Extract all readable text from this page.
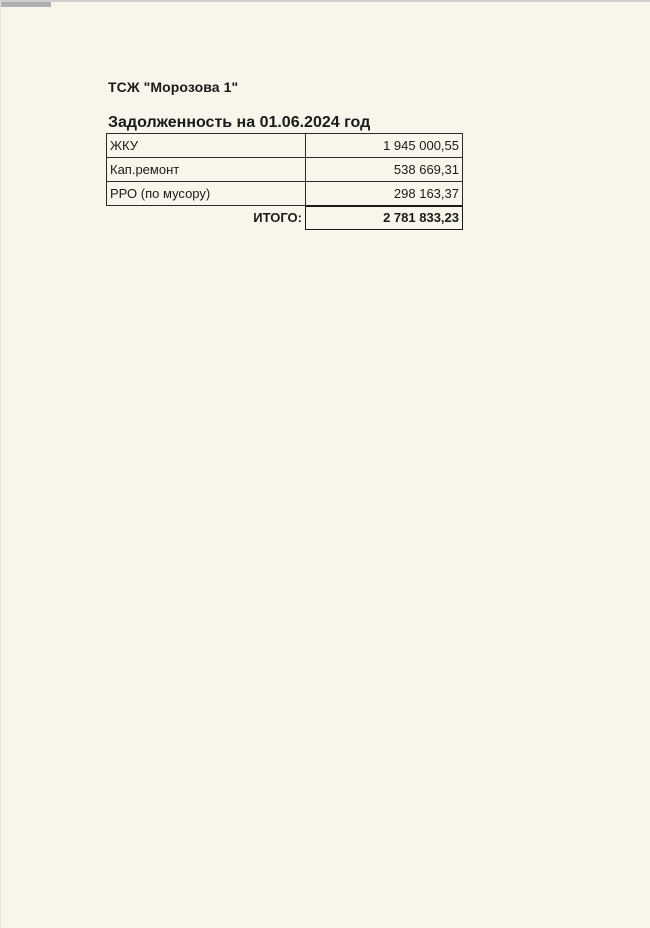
ТСЖ "Морозова 1"
Задолженность на 01.06.2024 год
ЖКУ	1 945 000,55
Кап.ремонт	538 669,31
РРО (по мусору)	298 163,37
ИТОГО:	2 781 833,23
